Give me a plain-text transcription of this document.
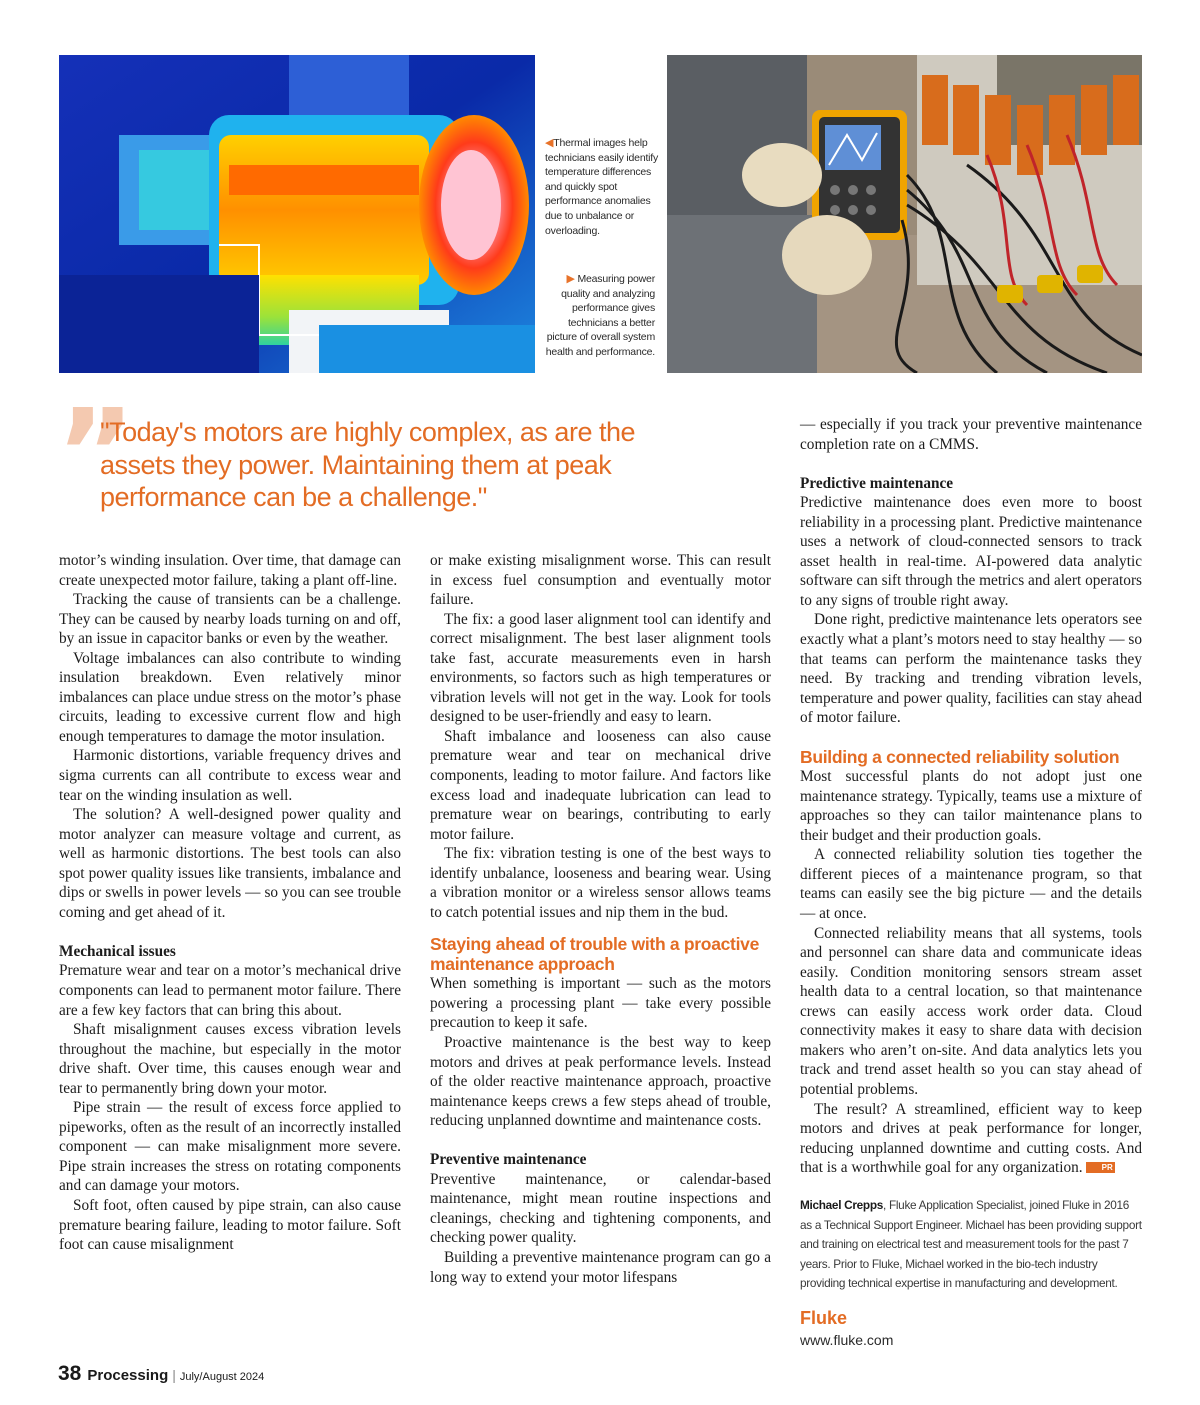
◀Thermal images help technicians easily identify temperature differences and quickly spot performance anomalies due to unbalance or overloading.
▶ Measuring power quality and analyzing performance gives technicians a better picture of overall system health and performance.
”
"Today's motors are highly complex, as are the assets they power. Maintaining them at peak performance can be a challenge."

motor’s winding insulation. Over time, that damage can create unexpected motor failure, taking a plant off-line.

Tracking the cause of transients can be a challenge. They can be caused by nearby loads turning on and off, by an issue in capacitor banks or even by the weather.

Voltage imbalances can also contribute to winding insulation breakdown. Even relatively minor imbalances can place undue stress on the motor’s phase circuits, leading to excessive current flow and high enough temperatures to damage the motor insulation.

Harmonic distortions, variable frequency drives and sigma currents can all contribute to excess wear and tear on the winding insulation as well.

The solution? A well-designed power quality and motor analyzer can measure voltage and current, as well as harmonic distortions. The best tools can also spot power quality issues like transients, imbalance and dips or swells in power levels — so you can see trouble coming and get ahead of it.

Mechanical issues

Premature wear and tear on a motor’s mechanical drive components can lead to permanent motor failure. There are a few key factors that can bring this about.

Shaft misalignment causes excess vibration levels throughout the machine, but especially in the motor drive shaft. Over time, this causes enough wear and tear to permanently bring down your motor.

Pipe strain — the result of excess force applied to pipeworks, often as the result of an incorrectly installed component — can make misalignment more severe. Pipe strain increases the stress on rotating components and can damage your motors.

Soft foot, often caused by pipe strain, can also cause premature bearing failure, leading to motor failure. Soft foot can cause misalignment

or make existing misalignment worse. This can result in excess fuel consumption and eventually motor failure.

The fix: a good laser alignment tool can identify and correct misalignment. The best laser alignment tools take fast, accurate measurements even in harsh environments, so factors such as high temperatures or vibration levels will not get in the way. Look for tools designed to be user-friendly and easy to learn.

Shaft imbalance and looseness can also cause premature wear and tear on mechanical drive components, leading to motor failure. And factors like excess load and inadequate lubrication can lead to premature wear on bearings, contributing to early motor failure.

The fix: vibration testing is one of the best ways to identify unbalance, looseness and bearing wear. Using a vibration monitor or a wireless sensor allows teams to catch potential issues and nip them in the bud.

Staying ahead of trouble with a proactive maintenance approach

When something is important — such as the motors powering a processing plant — take every possible precaution to keep it safe.

Proactive maintenance is the best way to keep motors and drives at peak performance levels. Instead of the older reactive maintenance approach, proactive maintenance keeps crews a few steps ahead of trouble, reducing unplanned downtime and maintenance costs.

Preventive maintenance

Preventive maintenance, or calendar-based maintenance, might mean routine inspections and cleanings, checking and tightening components, and checking power quality.

Building a preventive maintenance program can go a long way to extend your motor lifespans

— especially if you track your preventive maintenance completion rate on a CMMS.

Predictive maintenance

Predictive maintenance does even more to boost reliability in a processing plant. Predictive maintenance uses a network of cloud-connected sensors to track asset health in real-time. AI-powered data analytic software can sift through the metrics and alert operators to any signs of trouble right away.

Done right, predictive maintenance lets operators see exactly what a plant’s motors need to stay healthy — so that teams can perform the maintenance tasks they need. By tracking and trending vibration levels, temperature and power quality, facilities can stay ahead of motor failure.

Building a connected reliability solution

Most successful plants do not adopt just one maintenance strategy. Typically, teams use a mixture of approaches so they can tailor maintenance plans to their budget and their production goals.

A connected reliability solution ties together the different pieces of a maintenance program, so that teams can easily see the big picture — and the details — at once.

Connected reliability means that all systems, tools and personnel can share data and communicate ideas easily. Condition monitoring sensors stream asset health data to a central location, so that maintenance crews can easily access work order data. Cloud connectivity makes it easy to share data with decision makers who aren’t on-site. And data analytics lets you track and trend asset health so you can stay ahead of potential problems.

The result? A streamlined, efficient way to keep motors and drives at peak performance for longer, reducing unplanned downtime and cutting costs. And that is a worthwhile goal for any organization. PR

Michael Crepps, Fluke Application Specialist, joined Fluke in 2016 as a Technical Support Engineer. Michael has been providing support and training on electrical test and measurement tools for the past 7 years. Prior to Fluke, Michael worked in the bio-tech industry providing technical expertise in manufacturing and development.
Fluke
www.fluke.com
38 Processing | July/August 2024
